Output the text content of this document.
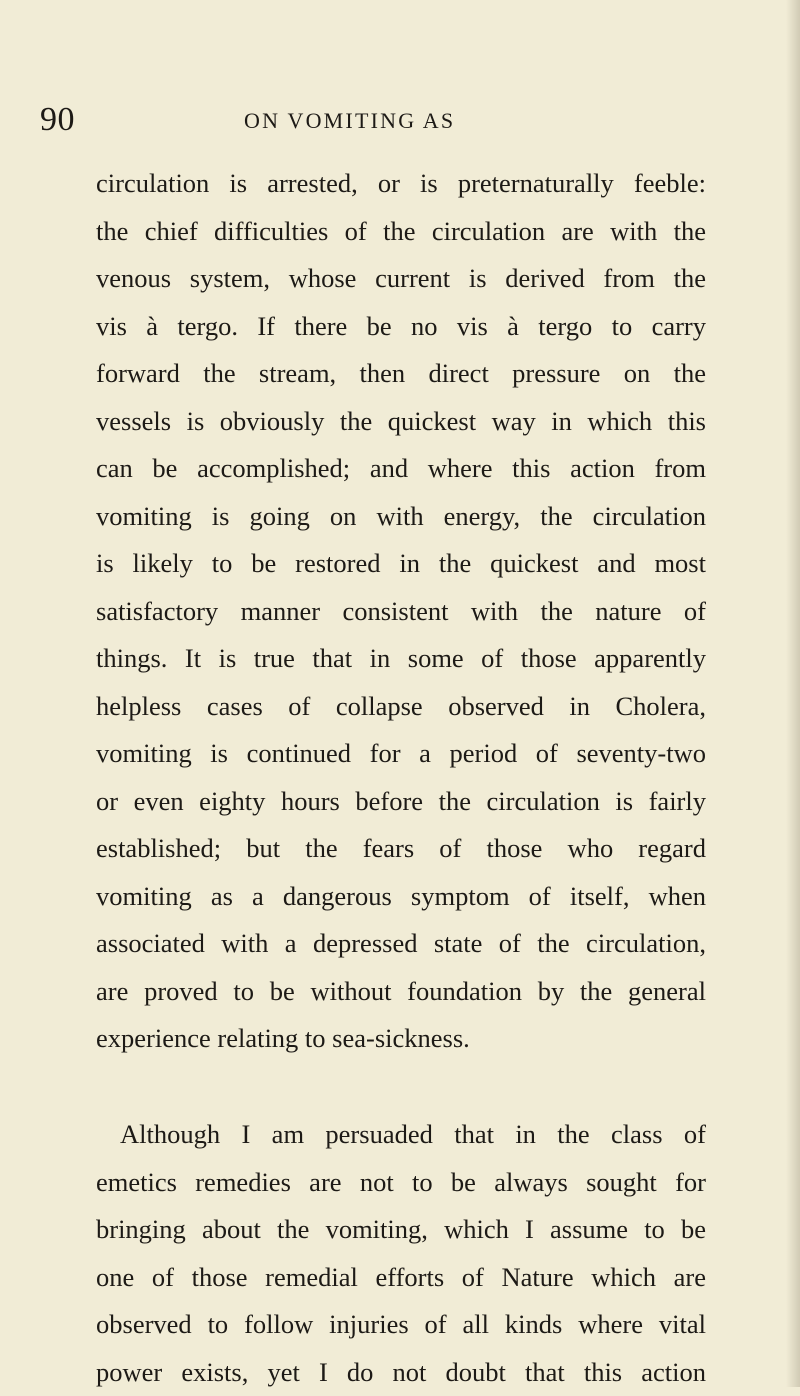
90	ON VOMITING AS
circulation is arrested, or is preternaturally feeble:
the chief difficulties of the circulation are with the
venous system, whose current is derived from the
vis à tergo. If there be no vis à tergo to carry
forward the stream, then direct pressure on the
vessels is obviously the quickest way in which this
can be accomplished; and where this action from
vomiting is going on with energy, the circulation
is likely to be restored in the quickest and most
satisfactory manner consistent with the nature of
things. It is true that in some of those apparently
helpless cases of collapse observed in Cholera,
vomiting is continued for a period of seventy-two
or even eighty hours before the circulation is fairly
established; but the fears of those who regard
vomiting as a dangerous symptom of itself, when
associated with a depressed state of the circulation,
are proved to be without foundation by the general
experience relating to sea-sickness.
Although I am persuaded that in the class of
emetics remedies are not to be always sought for
bringing about the vomiting, which I assume to be
one of those remedial efforts of Nature which are
observed to follow injuries of all kinds where vital
power exists, yet I do not doubt that this action
